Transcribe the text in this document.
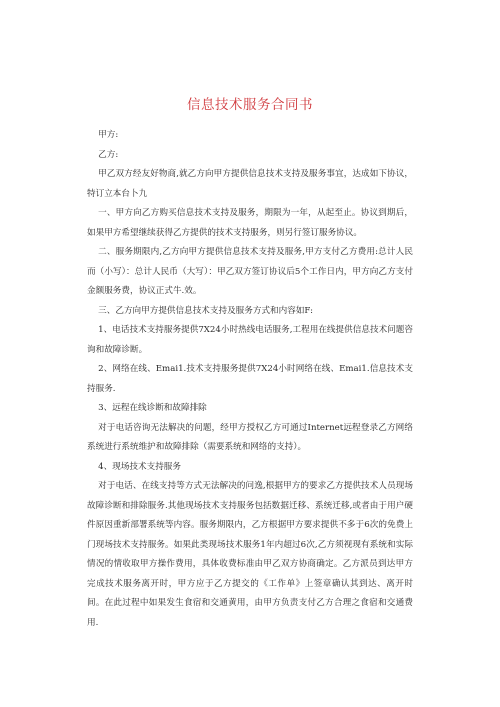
信息技术服务合同书

甲方:

乙方:

甲乙双方经友好物商,就乙方向甲方提供信息技术支持及服务事宜，达成如下协议，特订立本台卜九

一、甲方向乙方购买信息技术支持及服务，期限为一年，从起至止。协议到期后，如果甲方希望继续获得乙方提供的技术支持服务，则另行签订服务协议。

二、服务期限内,乙方向甲方提供信息技术支持及服务,甲方支付乙方费用:总计人民而（小写）：总计人民币（大写）：甲乙双方签订协议后5个工作日内，甲方向乙方支付金额服务费，协议正式牛.效。

三、乙方向甲方提供信息技术支持及服务方式和内容如F:

1、电话技术支持服务提供7X24小时热线电话服务,工程用在线提供信息技术问题咨询和故障诊断。

2、网络在线、Emai1.技术支持服务提供7X24小时网络在线、Emai1.信息技术支持服务.

3、远程在线诊断和故障排除

对于电话咨询无法解决的问题，经甲方授权乙方可通过Internet远程登录乙方网络系统进行系统维护和故障排除（需要系统和网络的支持）。

4、现场技术支持服务

对于电话、在线支持等方式无法解决的问逸,根据甲方的要求乙方提供技术人员现场故障诊断和排除服务.其他现场技术支持服务包括数据迁移、系统迁移,或者由于用户硬件原因重新部署系统等内容。服务期限内，乙方根据甲方要求提供不多于6次的免费上门现场技术支持服务。如果此类现场技术服务1年内超过6次,乙方须视现有系统和实际情况的情收取甲方操作费用，具体收费标准由甲乙双方协商确定。乙方派员到达甲方完成技术服务离开时，甲方应于乙方提交的《工作单》上签章确认其到达、离开时间。在此过程中如果发生食宿和交通黄用，由甲方负责支付乙方合理之食宿和交通费用.
